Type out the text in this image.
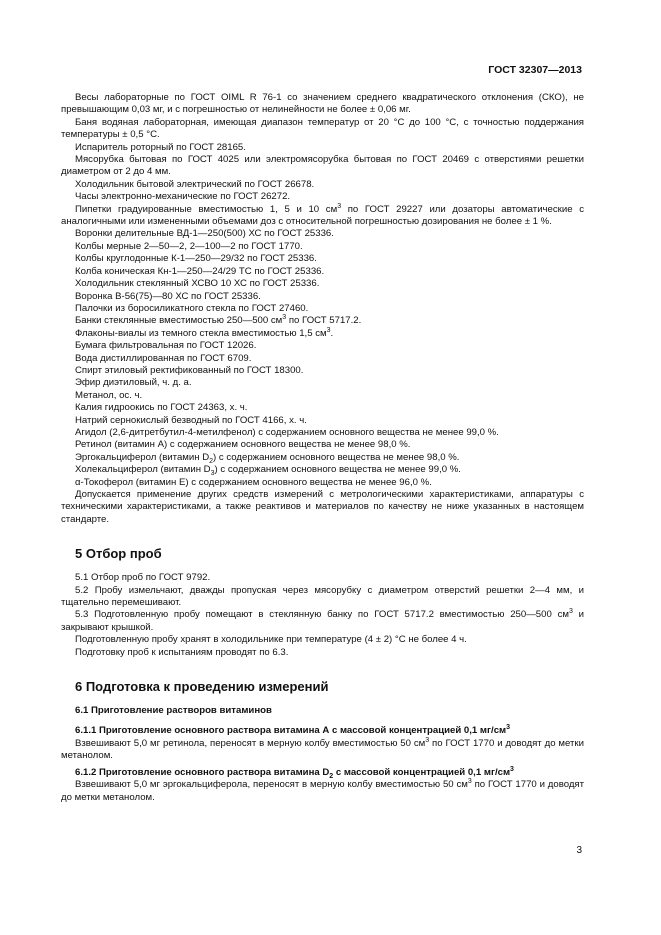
ГОСТ 32307—2013

Весы лабораторные по ГОСТ OIML R 76-1 со значением среднего квадратического отклонения (СКО), не превышающим 0,03 мг, и с погрешностью от нелинейности не более ± 0,06 мг.

Баня водяная лабораторная, имеющая диапазон температур от 20 °С до 100 °С, с точностью поддержания температуры ± 0,5 °С.

Испаритель роторный по ГОСТ 28165.

Мясорубка бытовая по ГОСТ 4025 или электромясорубка бытовая по ГОСТ 20469 с отверстиями решетки диаметром от 2 до 4 мм.

Холодильник бытовой электрический по ГОСТ 26678.

Часы электронно-механические по ГОСТ 26272.

Пипетки градуированные вместимостью 1, 5 и 10 $см^3$ по ГОСТ 29227 или дозаторы автоматические с аналогичными или измененными объемами доз с относительной погрешностью дозирования не более ± 1 %.

Воронки делительные ВД-1—250(500) ХС по ГОСТ 25336.

Колбы мерные 2—50—2, 2—100—2 по ГОСТ 1770.

Колбы круглодонные К-1—250—29/32 по ГОСТ 25336.

Колба коническая Кн-1—250—24/29 ТС по ГОСТ 25336.

Холодильник стеклянный ХСВО 10 ХС по ГОСТ 25336.

Воронка В-56(75)—80 ХС по ГОСТ 25336.

Палочки из боросиликатного стекла по ГОСТ 27460.

Банки стеклянные вместимостью 250—500 $см^3$ по ГОСТ 5717.2.

Флаконы-виалы из темного стекла вместимостью 1,5 $см^3$.

Бумага фильтровальная по ГОСТ 12026.

Вода дистиллированная по ГОСТ 6709.

Спирт этиловый ректификованный по ГОСТ 18300.

Эфир диэтиловый, ч. д. а.

Метанол, ос. ч.

Калия гидроокись по ГОСТ 24363, х. ч.

Натрий сернокислый безводный по ГОСТ 4166, х. ч.

Агидол (2,6-дитретбутил-4-метилфенол) с содержанием основного вещества не менее 99,0 %.

Ретинол (витамин А) с содержанием основного вещества не менее 98,0 %.

Эргокальциферол (витамин $D_2$) с содержанием основного вещества не менее 98,0 %.

Холекальциферол (витамин $D_3$) с содержанием основного вещества не менее 99,0 %.

α-Токоферол (витамин Е) с содержанием основного вещества не менее 96,0 %.

Допускается применение других средств измерений с метрологическими характеристиками, аппаратуры с техническими характеристиками, а также реактивов и материалов по качеству не ниже указанных в настоящем стандарте.

5 Отбор проб

5.1 Отбор проб по ГОСТ 9792.

5.2 Пробу измельчают, дважды пропуская через мясорубку с диаметром отверстий решетки 2—4 мм, и тщательно перемешивают.

5.3 Подготовленную пробу помещают в стеклянную банку по ГОСТ 5717.2 вместимостью 250—500 $см^3$ и закрывают крышкой.

Подготовленную пробу хранят в холодильнике при температуре (4 ± 2) °С не более 4 ч.

Подготовку проб к испытаниям проводят по 6.3.

6 Подготовка к проведению измерений
6.1 Приготовление растворов витаминов

6.1.1 Приготовление основного раствора витамина А с массовой концентрацией 0,1 $мг/см^3$

Взвешивают 5,0 мг ретинола, переносят в мерную колбу вместимостью 50 $см^3$ по ГОСТ 1770 и доводят до метки метанолом.

6.1.2 Приготовление основного раствора витамина $D_2$ с массовой концентрацией 0,1 $мг/см^3$

Взвешивают 5,0 мг эргокальциферола, переносят в мерную колбу вместимостью 50 $см^3$ по ГОСТ 1770 и доводят до метки метанолом.

3
